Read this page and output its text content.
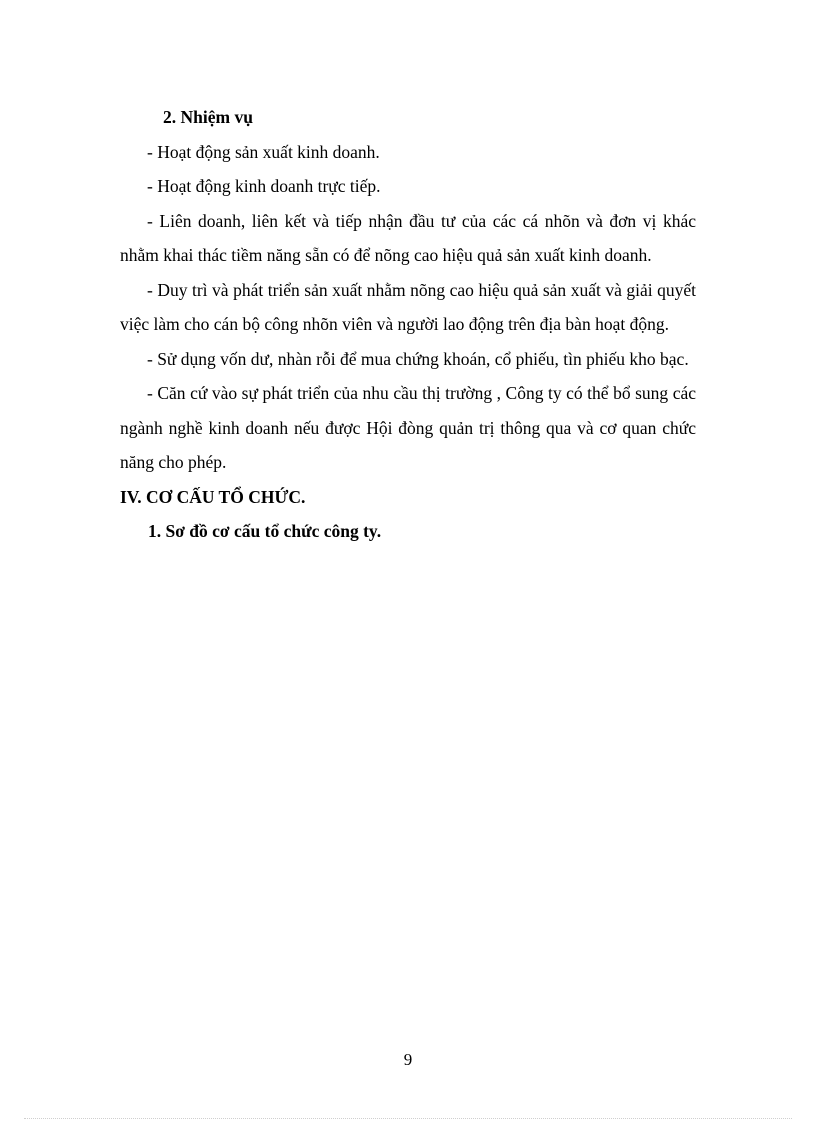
2. Nhiệm vụ

- Hoạt động sản xuất kinh doanh.

- Hoạt động kinh doanh trực tiếp.

- Liên doanh, liên kết và tiếp nhận đầu tư của các cá nhõn và đơn vị khác nhằm khai thác tiềm năng sẵn có để nõng cao hiệu quả sản xuất kinh doanh.

- Duy trì và phát triển sản xuất nhằm nõng cao hiệu quả sản xuất và giải quyết việc làm cho cán bộ công nhõn viên và người lao động trên địa bàn hoạt động.

- Sử dụng vốn dư, nhàn rỗi để mua chứng khoán, cổ phiếu, tìn phiếu kho bạc.

- Căn cứ vào sự phát triển của nhu cầu thị trường , Công ty có thể bổ sung các ngành nghề kinh doanh nếu được Hội đòng quản trị thông qua và cơ quan chức năng cho phép.

IV. CƠ CẤU TỔ CHỨC.

1. Sơ đồ cơ cấu tổ chức công ty.

9
